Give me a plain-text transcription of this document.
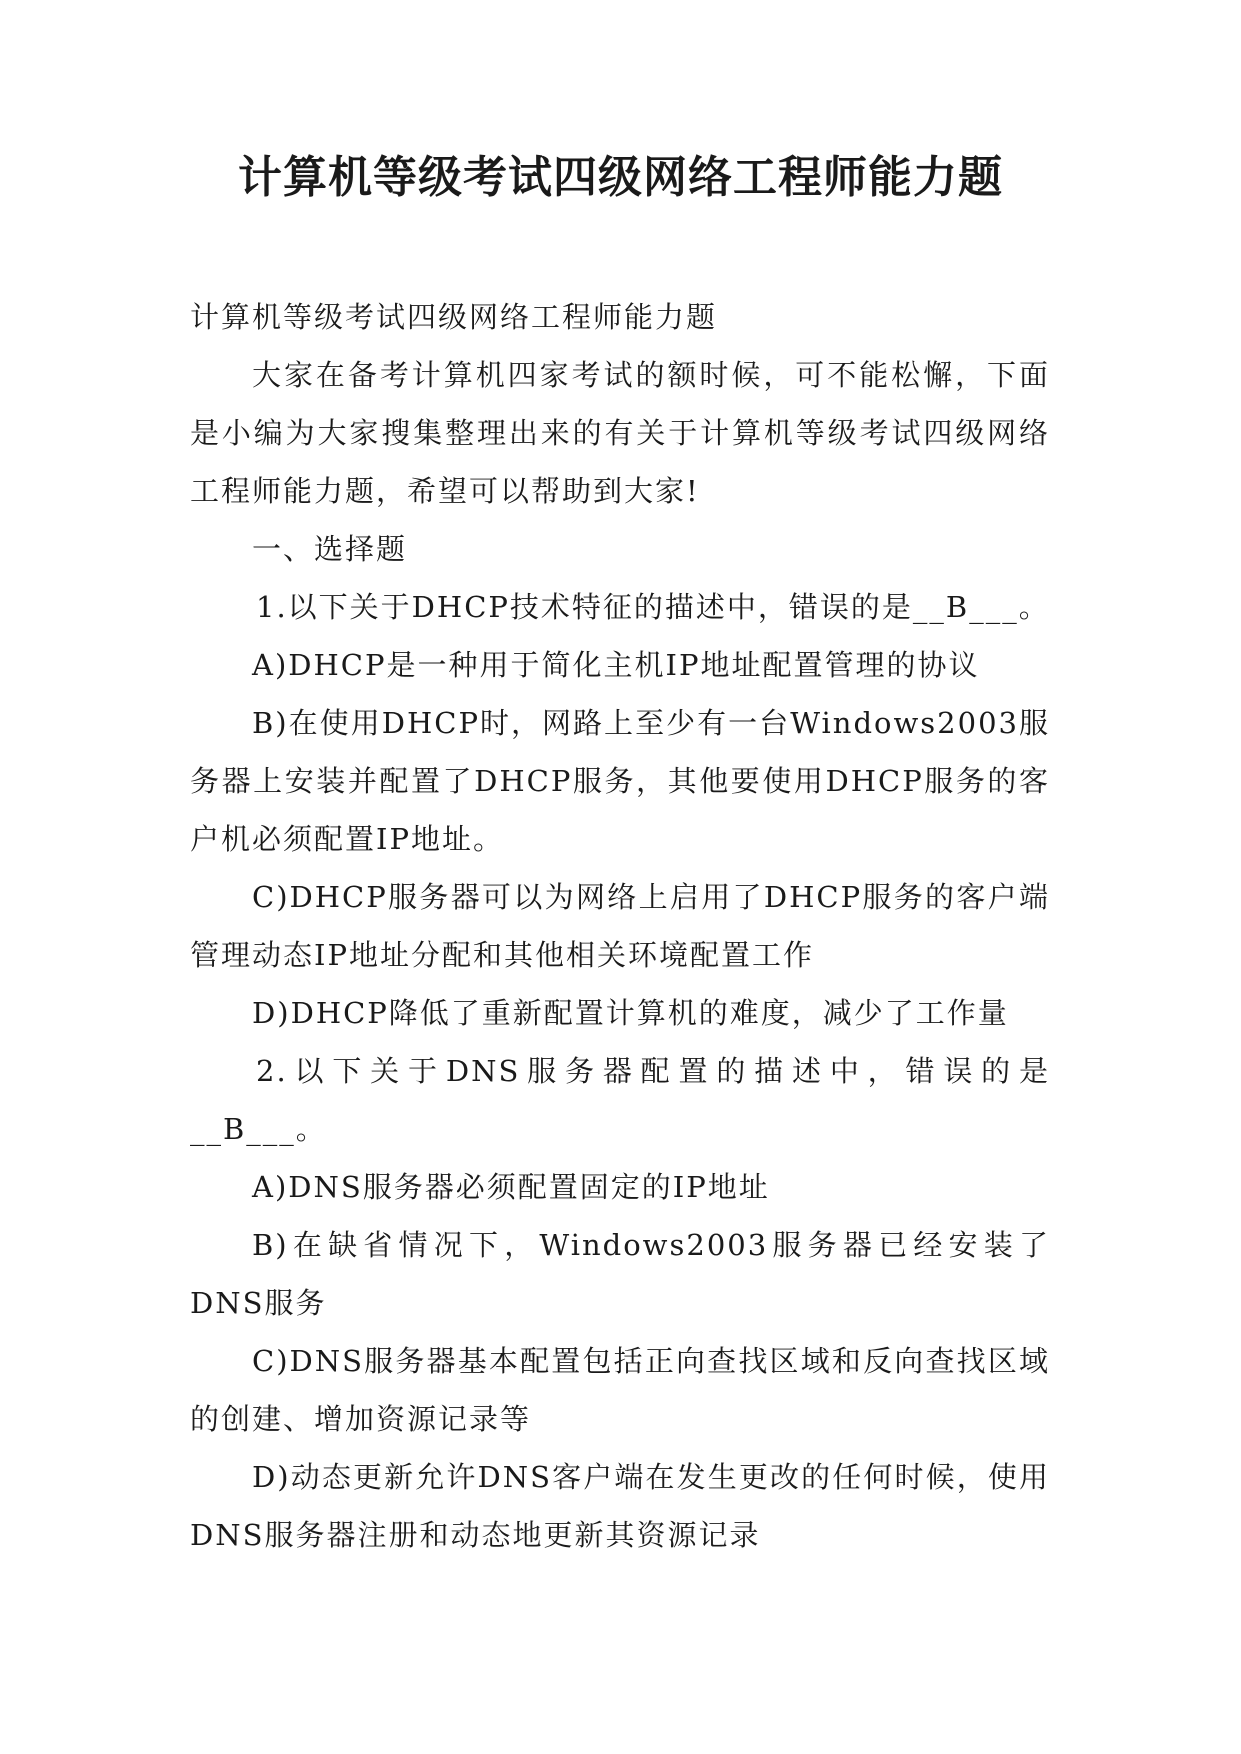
计算机等级考试四级网络工程师能力题

计算机等级考试四级网络工程师能力题

大家在备考计算机四家考试的额时候，可不能松懈，下面是小编为大家搜集整理出来的有关于计算机等级考试四级网络工程师能力题，希望可以帮助到大家!

一、选择题

1.以下关于DHCP技术特征的描述中，错误的是__B___。

A)DHCP是一种用于简化主机IP地址配置管理的协议

B)在使用DHCP时，网路上至少有一台Windows2003服务器上安装并配置了DHCP服务，其他要使用DHCP服务的客户机必须配置IP地址。

C)DHCP服务器可以为网络上启用了DHCP服务的客户端管理动态IP地址分配和其他相关环境配置工作

D)DHCP降低了重新配置计算机的难度，减少了工作量

2.以下关于DNS服务器配置的描述中，错误的是__B___。

A)DNS服务器必须配置固定的IP地址

B)在缺省情况下，Windows2003服务器已经安装了DNS服务

C)DNS服务器基本配置包括正向查找区域和反向查找区域的创建、增加资源记录等

D)动态更新允许DNS客户端在发生更改的任何时候，使用DNS服务器注册和动态地更新其资源记录
